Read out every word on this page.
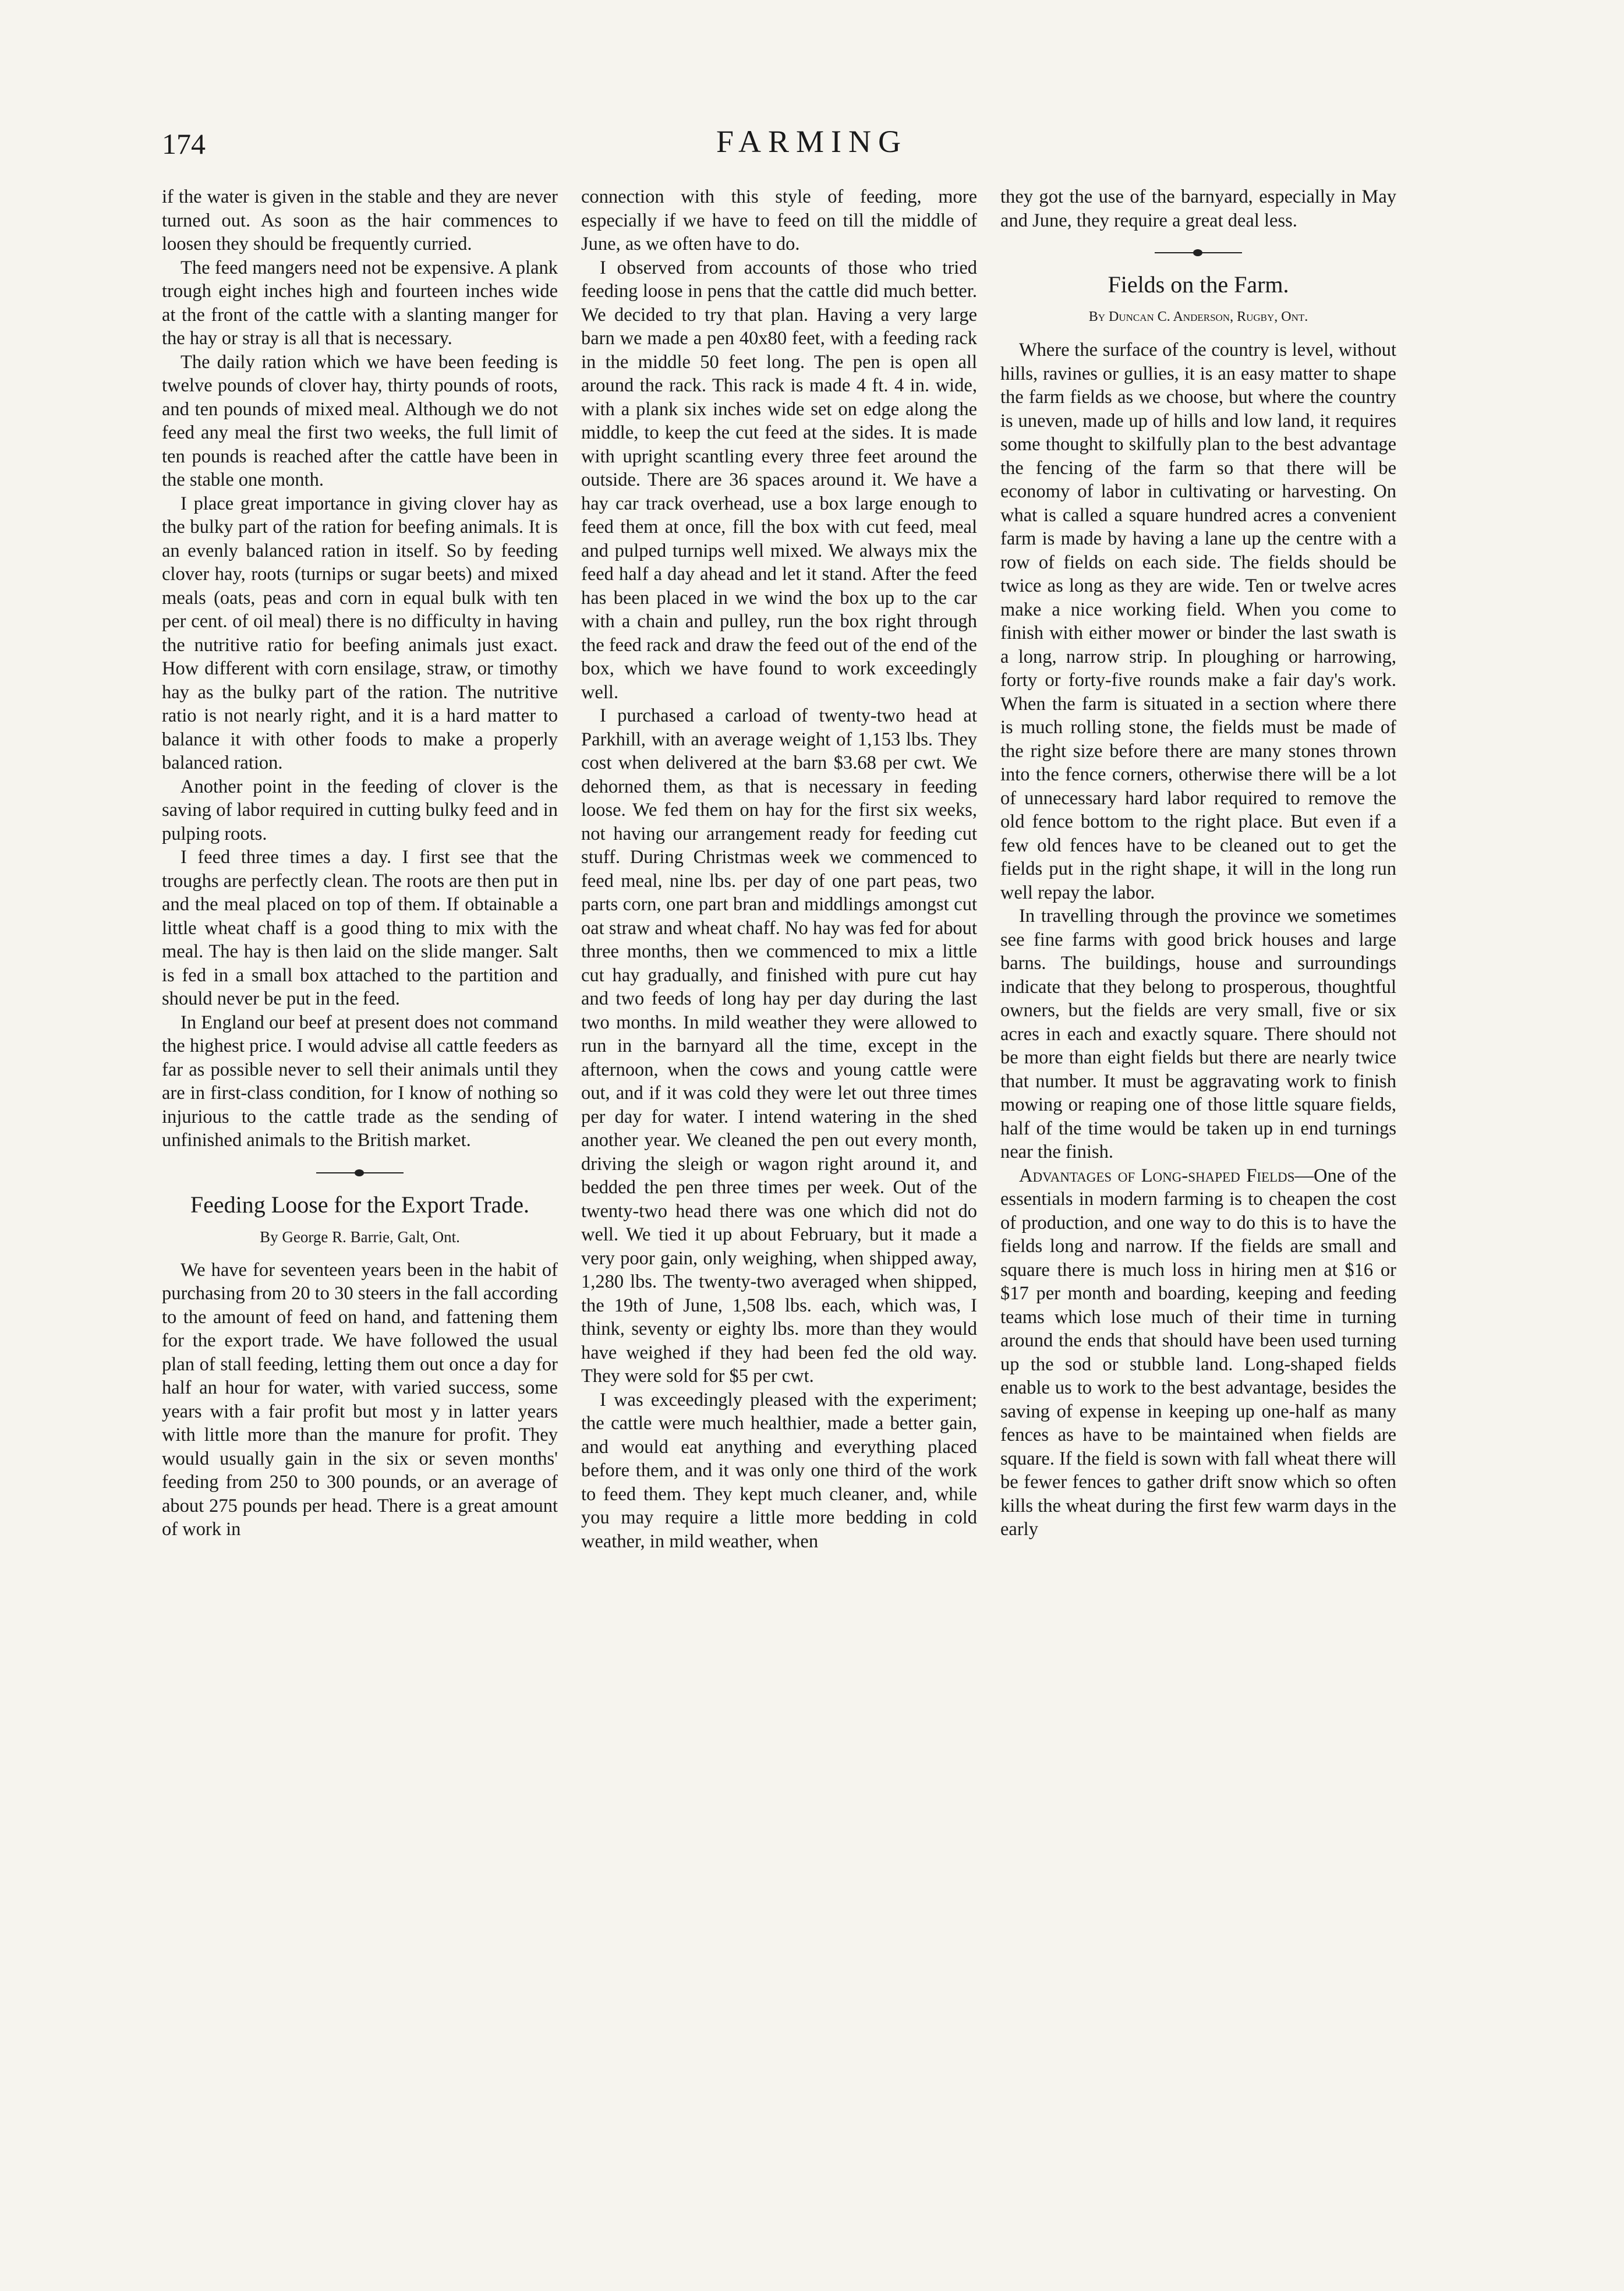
174	FARMING

if the water is given in the stable and they are never turned out. As soon as the hair commences to loosen they should be frequently curried.

The feed mangers need not be expensive. A plank trough eight inches high and fourteen inches wide at the front of the cattle with a slanting manger for the hay or stray is all that is necessary.

The daily ration which we have been feeding is twelve pounds of clover hay, thirty pounds of roots, and ten pounds of mixed meal. Although we do not feed any meal the first two weeks, the full limit of ten pounds is reached after the cattle have been in the stable one month.

I place great importance in giving clover hay as the bulky part of the ration for beefing animals. It is an evenly balanced ration in itself. So by feeding clover hay, roots (turnips or sugar beets) and mixed meals (oats, peas and corn in equal bulk with ten per cent. of oil meal) there is no difficulty in having the nutritive ratio for beefing animals just exact. How different with corn ensilage, straw, or timothy hay as the bulky part of the ration. The nutritive ratio is not nearly right, and it is a hard matter to balance it with other foods to make a properly balanced ration.

Another point in the feeding of clover is the saving of labor required in cutting bulky feed and in pulping roots.

I feed three times a day. I first see that the troughs are perfectly clean. The roots are then put in and the meal placed on top of them. If obtainable a little wheat chaff is a good thing to mix with the meal. The hay is then laid on the slide manger. Salt is fed in a small box attached to the partition and should never be put in the feed.

In England our beef at present does not command the highest price. I would advise all cattle feeders as far as possible never to sell their animals until they are in first-class condition, for I know of nothing so injurious to the cattle trade as the sending of unfinished animals to the British market.

Feeding Loose for the Export Trade.
By George R. Barrie, Galt, Ont.

We have for seventeen years been in the habit of purchasing from 20 to 30 steers in the fall according to the amount of feed on hand, and fattening them for the export trade. We have followed the usual plan of stall feeding, letting them out once a day for half an hour for water, with varied success, some years with a fair profit but most y in latter years with little more than the manure for profit. They would usually gain in the six or seven months' feeding from 250 to 300 pounds, or an average of about 275 pounds per head. There is a great amount of work in

connection with this style of feeding, more especially if we have to feed on till the middle of June, as we often have to do.

I observed from accounts of those who tried feeding loose in pens that the cattle did much better. We decided to try that plan. Having a very large barn we made a pen 40x80 feet, with a feeding rack in the middle 50 feet long. The pen is open all around the rack. This rack is made 4 ft. 4 in. wide, with a plank six inches wide set on edge along the middle, to keep the cut feed at the sides. It is made with upright scantling every three feet around the outside. There are 36 spaces around it. We have a hay car track overhead, use a box large enough to feed them at once, fill the box with cut feed, meal and pulped turnips well mixed. We always mix the feed half a day ahead and let it stand. After the feed has been placed in we wind the box up to the car with a chain and pulley, run the box right through the feed rack and draw the feed out of the end of the box, which we have found to work exceedingly well.

I purchased a carload of twenty-two head at Parkhill, with an average weight of 1,153 lbs. They cost when delivered at the barn $3.68 per cwt. We dehorned them, as that is necessary in feeding loose. We fed them on hay for the first six weeks, not having our arrangement ready for feeding cut stuff. During Christmas week we commenced to feed meal, nine lbs. per day of one part peas, two parts corn, one part bran and middlings amongst cut oat straw and wheat chaff. No hay was fed for about three months, then we commenced to mix a little cut hay gradually, and finished with pure cut hay and two feeds of long hay per day during the last two months. In mild weather they were allowed to run in the barnyard all the time, except in the afternoon, when the cows and young cattle were out, and if it was cold they were let out three times per day for water. I intend watering in the shed another year. We cleaned the pen out every month, driving the sleigh or wagon right around it, and bedded the pen three times per week. Out of the twenty-two head there was one which did not do well. We tied it up about February, but it made a very poor gain, only weighing, when shipped away, 1,280 lbs. The twenty-two averaged when shipped, the 19th of June, 1,508 lbs. each, which was, I think, seventy or eighty lbs. more than they would have weighed if they had been fed the old way. They were sold for $5 per cwt.

I was exceedingly pleased with the experiment; the cattle were much healthier, made a better gain, and would eat anything and everything placed before them, and it was only one third of the work to feed them. They kept much cleaner, and, while you may require a little more bedding in cold weather, in mild weather, when

they got the use of the barnyard, especially in May and June, they require a great deal less.

Fields on the Farm.
By Duncan C. Anderson, Rugby, Ont.

Where the surface of the country is level, without hills, ravines or gullies, it is an easy matter to shape the farm fields as we choose, but where the country is uneven, made up of hills and low land, it requires some thought to skilfully plan to the best advantage the fencing of the farm so that there will be economy of labor in cultivating or harvesting. On what is called a square hundred acres a convenient farm is made by having a lane up the centre with a row of fields on each side. The fields should be twice as long as they are wide. Ten or twelve acres make a nice working field. When you come to finish with either mower or binder the last swath is a long, narrow strip. In ploughing or harrowing, forty or forty-five rounds make a fair day's work. When the farm is situated in a section where there is much rolling stone, the fields must be made of the right size before there are many stones thrown into the fence corners, otherwise there will be a lot of unnecessary hard labor required to remove the old fence bottom to the right place. But even if a few old fences have to be cleaned out to get the fields put in the right shape, it will in the long run well repay the labor.

In travelling through the province we sometimes see fine farms with good brick houses and large barns. The buildings, house and surroundings indicate that they belong to prosperous, thoughtful owners, but the fields are very small, five or six acres in each and exactly square. There should not be more than eight fields but there are nearly twice that number. It must be aggravating work to finish mowing or reaping one of those little square fields, half of the time would be taken up in end turnings near the finish.

Advantages of Long-shaped Fields—One of the essentials in modern farming is to cheapen the cost of production, and one way to do this is to have the fields long and narrow. If the fields are small and square there is much loss in hiring men at $16 or $17 per month and boarding, keeping and feeding teams which lose much of their time in turning around the ends that should have been used turning up the sod or stubble land. Long-shaped fields enable us to work to the best advantage, besides the saving of expense in keeping up one-half as many fences as have to be maintained when fields are square. If the field is sown with fall wheat there will be fewer fences to gather drift snow which so often kills the wheat during the first few warm days in the early
